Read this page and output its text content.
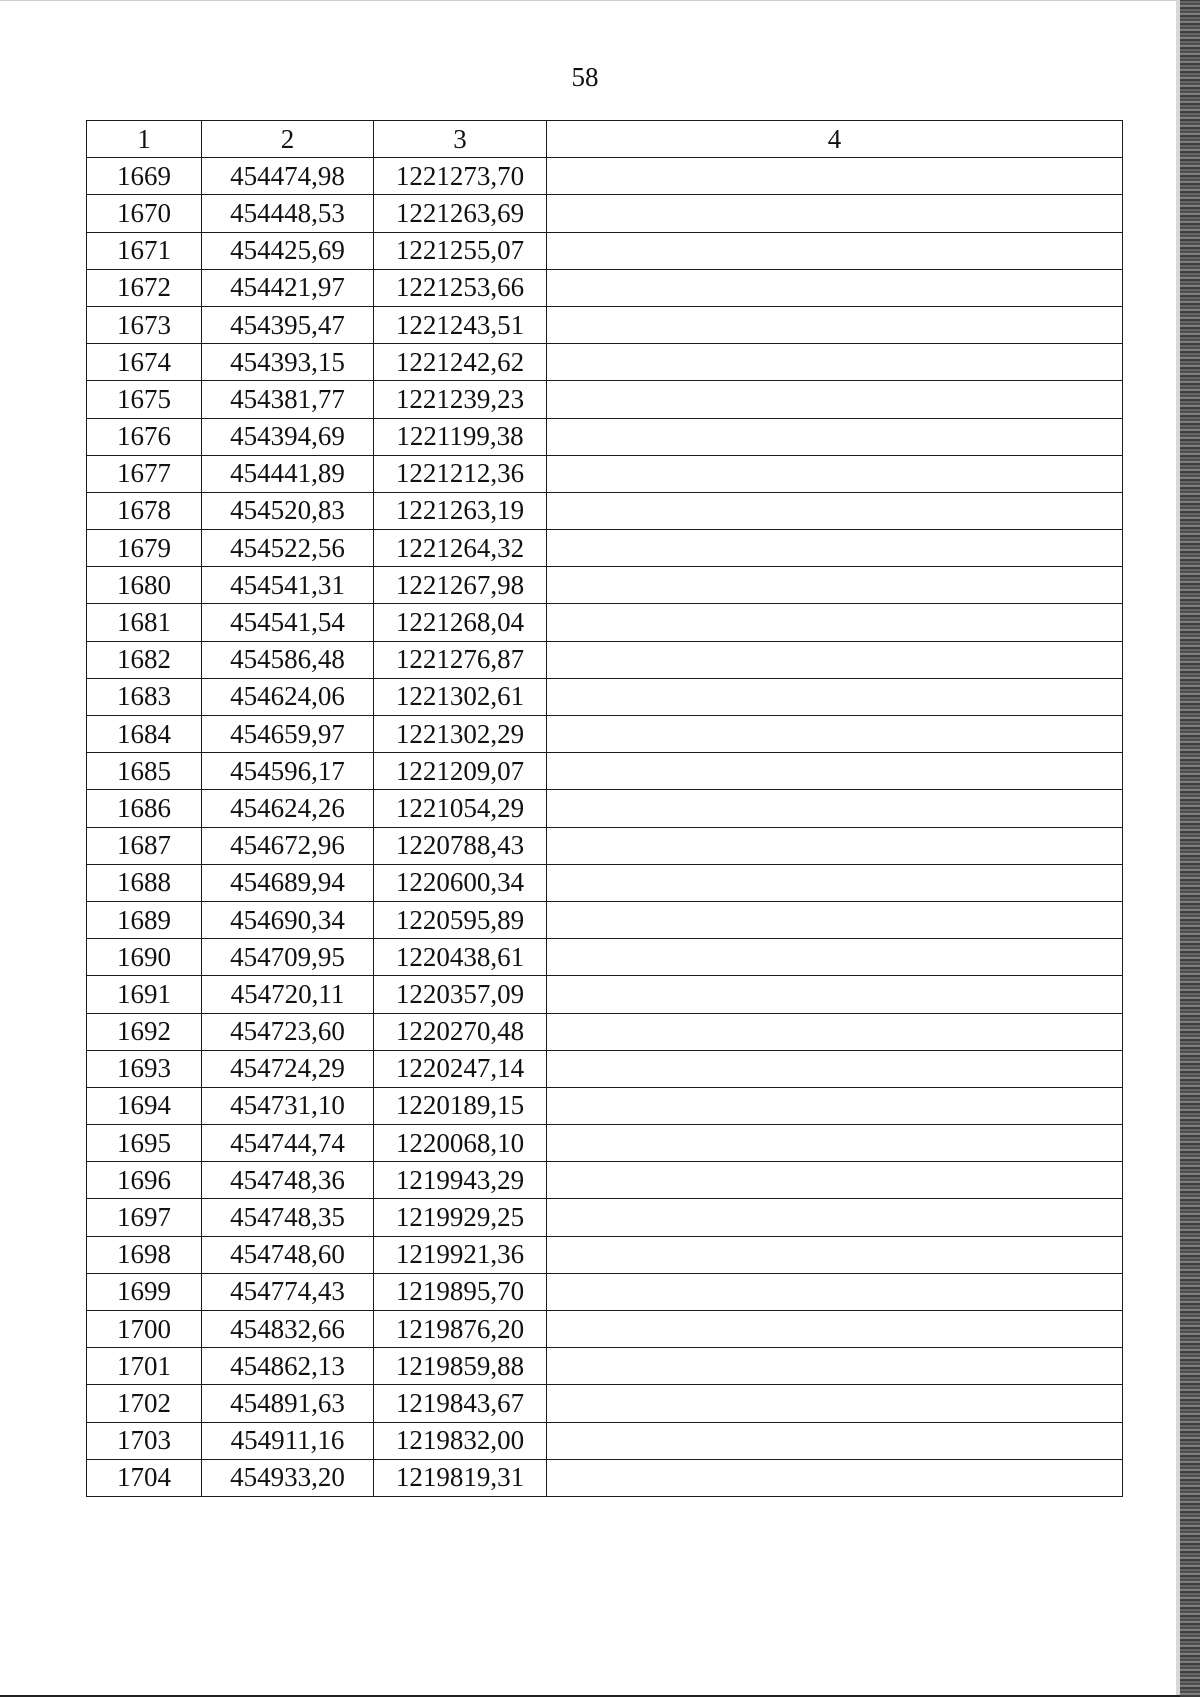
58
1	2	3	4
1669	454474,98	1221273,70	
1670	454448,53	1221263,69	
1671	454425,69	1221255,07	
1672	454421,97	1221253,66	
1673	454395,47	1221243,51	
1674	454393,15	1221242,62	
1675	454381,77	1221239,23	
1676	454394,69	1221199,38	
1677	454441,89	1221212,36	
1678	454520,83	1221263,19	
1679	454522,56	1221264,32	
1680	454541,31	1221267,98	
1681	454541,54	1221268,04	
1682	454586,48	1221276,87	
1683	454624,06	1221302,61	
1684	454659,97	1221302,29	
1685	454596,17	1221209,07	
1686	454624,26	1221054,29	
1687	454672,96	1220788,43	
1688	454689,94	1220600,34	
1689	454690,34	1220595,89	
1690	454709,95	1220438,61	
1691	454720,11	1220357,09	
1692	454723,60	1220270,48	
1693	454724,29	1220247,14	
1694	454731,10	1220189,15	
1695	454744,74	1220068,10	
1696	454748,36	1219943,29	
1697	454748,35	1219929,25	
1698	454748,60	1219921,36	
1699	454774,43	1219895,70	
1700	454832,66	1219876,20	
1701	454862,13	1219859,88	
1702	454891,63	1219843,67	
1703	454911,16	1219832,00	
1704	454933,20	1219819,31	
